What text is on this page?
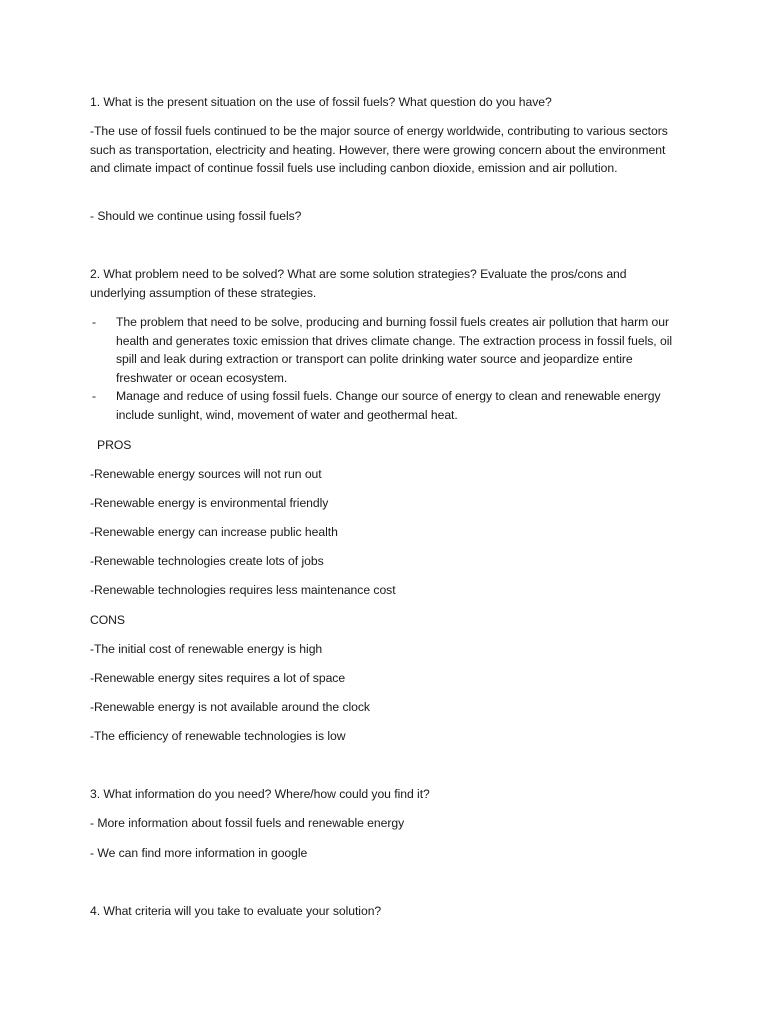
1. What is the present situation on the use of fossil fuels? What question do you have?
-The use of fossil fuels continued to be the major source of energy worldwide, contributing to various sectors such as transportation, electricity and heating. However, there were growing concern about the environment and climate impact of continue fossil fuels use including canbon dioxide, emission and air pollution.
- Should we continue using fossil fuels?
2. What problem need to be solved? What are some solution strategies? Evaluate the pros/cons and underlying assumption of these strategies.
- The problem that need to be solve, producing and burning fossil fuels creates air pollution that harm our health and generates toxic emission that drives climate change. The extraction process in fossil fuels, oil spill and leak during extraction or transport can polite drinking water source and jeopardize entire freshwater or ocean ecosystem.
- Manage and reduce of using fossil fuels. Change our source of energy to clean and renewable energy include sunlight, wind, movement of water and geothermal heat.
PROS
-Renewable energy sources will not run out
-Renewable energy is environmental friendly
-Renewable energy can increase public health
-Renewable technologies create lots of jobs
-Renewable technologies requires less maintenance cost
CONS
-The initial cost of renewable energy is high
-Renewable energy sites requires a lot of space
-Renewable energy is not available around the clock
-The efficiency of renewable technologies is low
3. What information do you need? Where/how could you find it?
- More information about fossil fuels and renewable energy
- We can find more information in google
4. What criteria will you take to evaluate your solution?
